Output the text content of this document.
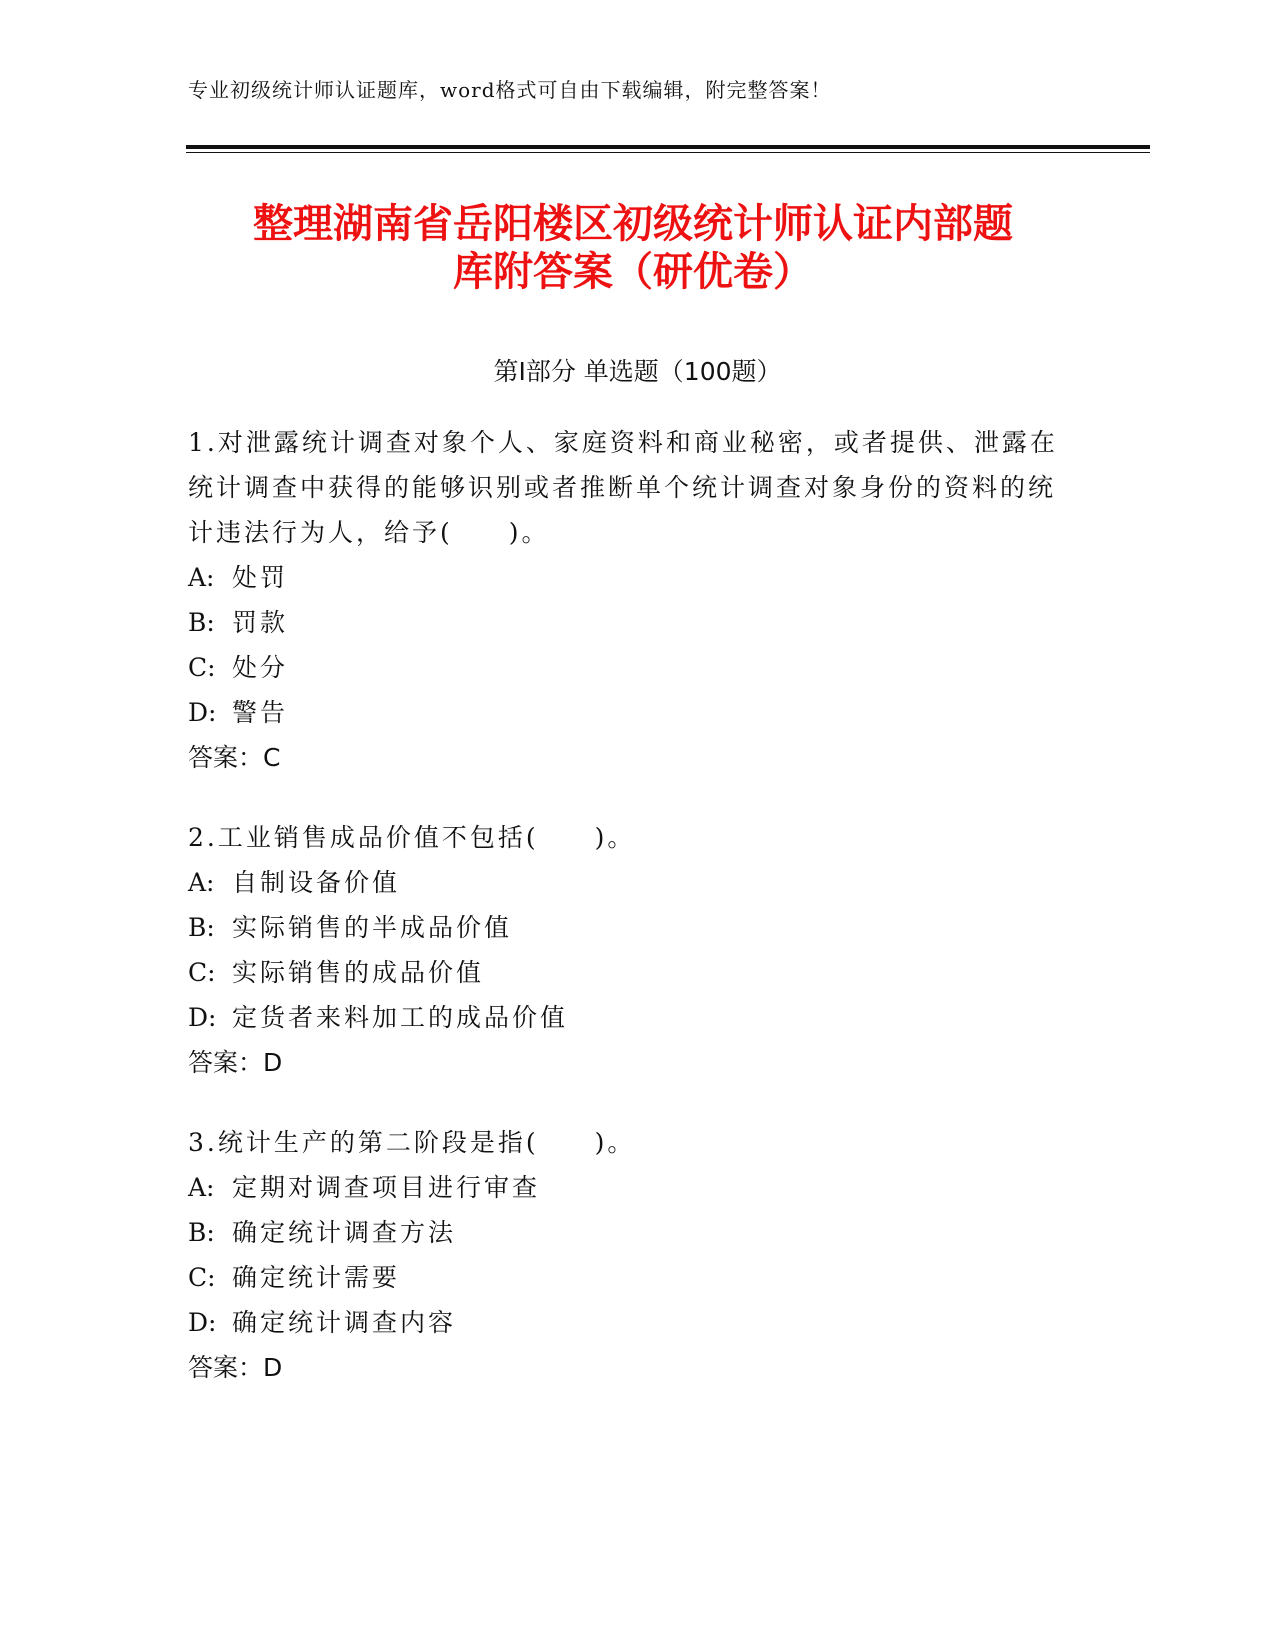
专业初级统计师认证题库，word格式可自由下载编辑，附完整答案！
整理湖南省岳阳楼区初级统计师认证内部题
库附答案（研优卷）
第Ⅰ部分 单选题（100题）

1.对泄露统计调查对象个人、家庭资料和商业秘密，或者提供、泄露在统计调查中获得的能够识别或者推断单个统计调查对象身份的资料的统计违法行为人，给予(　　)。

A: 处罚

B: 罚款

C: 处分

D: 警告

答案：C

2.工业销售成品价值不包括(　　)。

A: 自制设备价值

B: 实际销售的半成品价值

C: 实际销售的成品价值

D: 定货者来料加工的成品价值

答案：D

3.统计生产的第二阶段是指(　　)。

A: 定期对调查项目进行审查

B: 确定统计调查方法

C: 确定统计需要

D: 确定统计调查内容

答案：D
